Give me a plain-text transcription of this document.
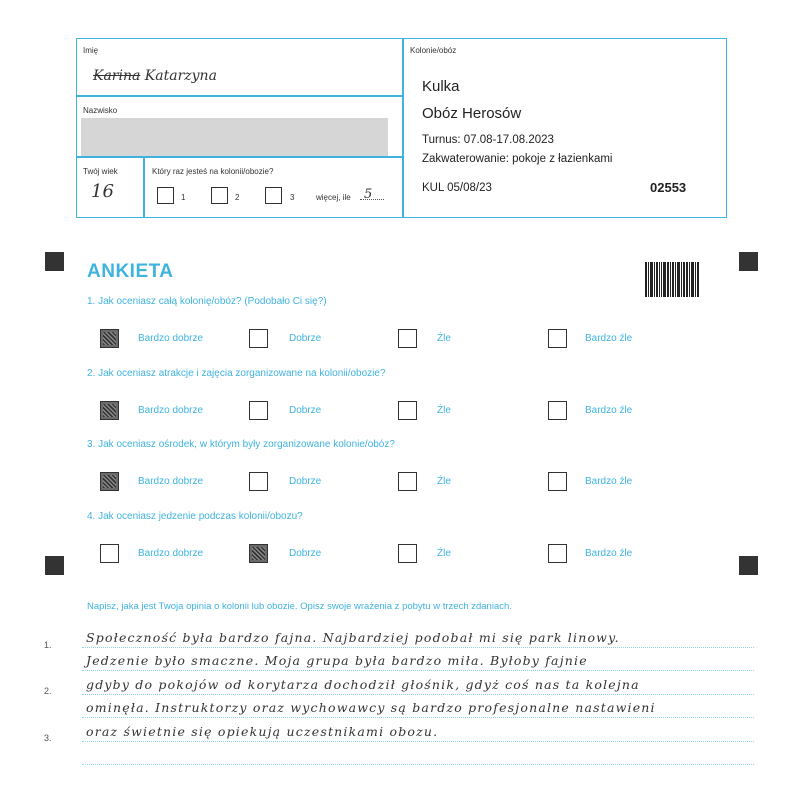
Imię
Karina Katarzyna
Nazwisko
Twój wiek
16
Który raz jesteś na kolonii/obozie?
1	2	3	więcej, ile 5
Kolonie/obóz
Kulka
Obóz Herosów
Turnus: 07.08-17.08.2023
Zakwaterowanie: pokoje z łazienkami
KUL 05/08/23	02553
ANKIETA
1. Jak oceniasz całą kolonię/obóz? (Podobało Ci się?)
Bardzo dobrze	Dobrze	Źle	Bardzo źle
2. Jak oceniasz atrakcje i zajęcia zorganizowane na kolonii/obozie?
Bardzo dobrze	Dobrze	Źle	Bardzo źle
3. Jak oceniasz ośrodek, w którym były zorganizowane kolonie/obóz?
Bardzo dobrze	Dobrze	Źle	Bardzo źle
4. Jak oceniasz jedzenie podczas kolonii/obozu?
Bardzo dobrze	Dobrze	Źle	Bardzo źle
Napisz, jaka jest Twoja opinia o kolonii lub obozie. Opisz swoje wrażenia z pobytu w trzech zdaniach.
1.
2.
3.
Społeczność była bardzo fajna. Najbardziej podobał mi się park linowy.
Jedzenie było smaczne. Moja grupa była bardzo miła. Byłoby fajnie
gdyby do pokojów od korytarza dochodził głośnik, gdyż coś nas ta kolejna
ominęła. Instruktorzy oraz wychowawcy są bardzo profesjonalne nastawieni
oraz świetnie się opiekują uczestnikami obozu.
